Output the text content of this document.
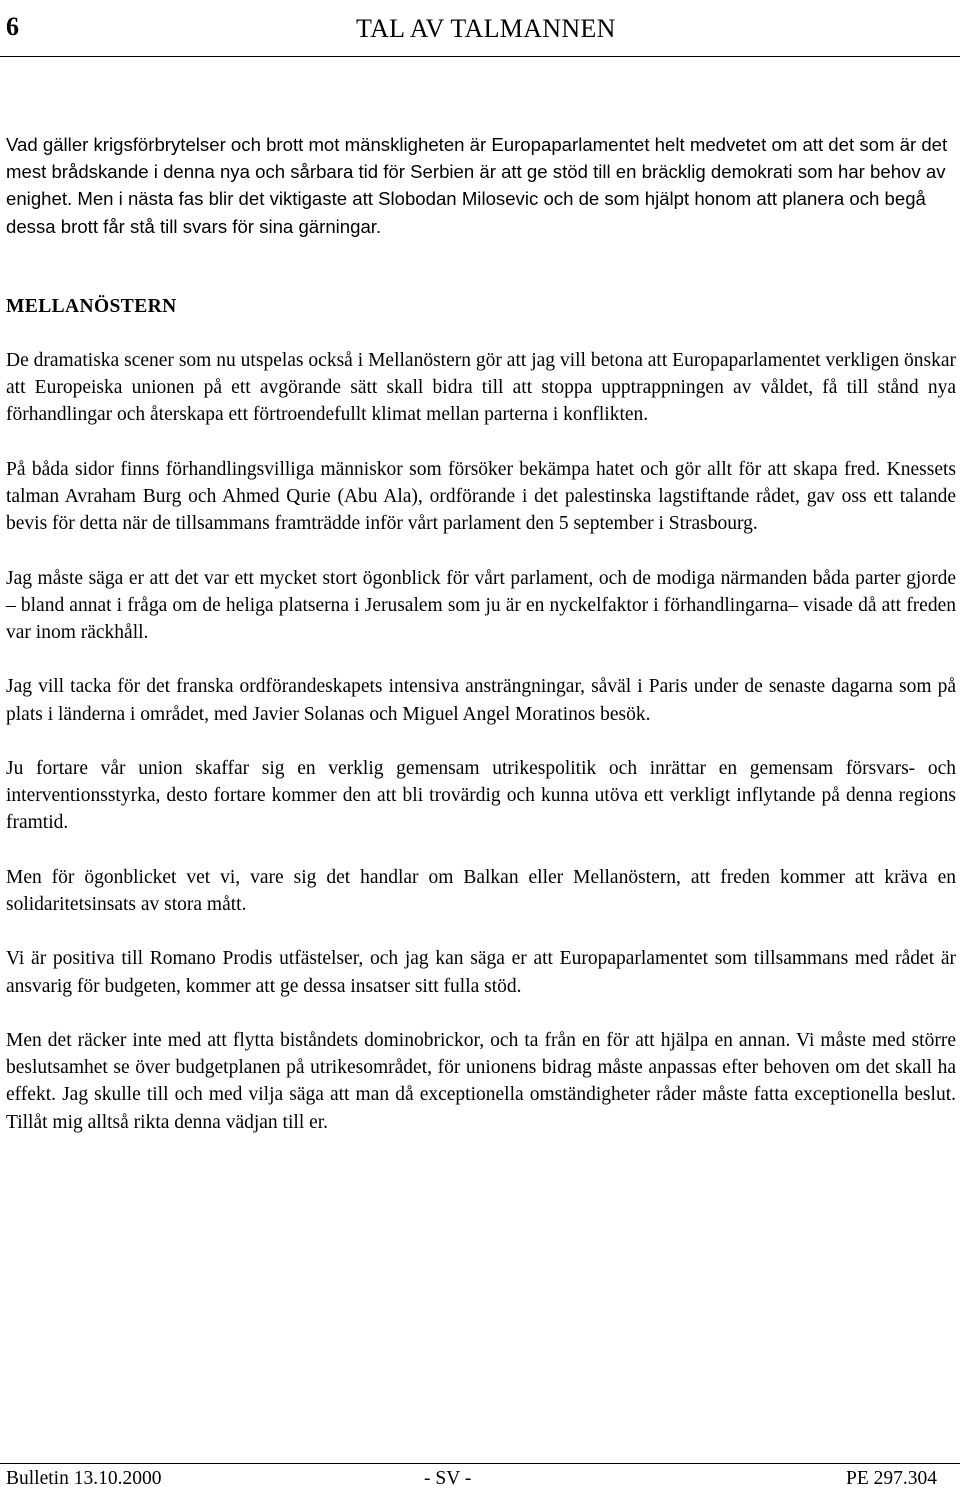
6	TAL AV TALMANNEN

Vad gäller krigsförbrytelser och brott mot mänskligheten är Europaparlamentet helt medvetet om att det som är det mest brådskande i denna nya och sårbara tid för Serbien är att ge stöd till en bräcklig demokrati som har behov av enighet. Men i nästa fas blir det viktigaste att Slobodan Milosevic och de som hjälpt honom att planera och begå dessa brott får stå till svars för sina gärningar.

MELLANÖSTERN

De dramatiska scener som nu utspelas också i Mellanöstern gör att jag vill betona att Europaparlamentet verkligen önskar att Europeiska unionen på ett avgörande sätt skall bidra till att stoppa upptrappningen av våldet, få till stånd nya förhandlingar och återskapa ett förtroendefullt klimat mellan parterna i konflikten.

På båda sidor finns förhandlingsvilliga människor som försöker bekämpa hatet och gör allt för att skapa fred. Knessets talman Avraham Burg och Ahmed Qurie (Abu Ala), ordförande i det palestinska lagstiftande rådet, gav oss ett talande bevis för detta när de tillsammans framträdde inför vårt parlament den 5 september i Strasbourg.

Jag måste säga er att det var ett mycket stort ögonblick för vårt parlament, och de modiga närmanden båda parter gjorde – bland annat i fråga om de heliga platserna i Jerusalem som ju är en nyckelfaktor i förhandlingarna– visade då att freden var inom räckhåll.

Jag vill tacka för det franska ordförandeskapets intensiva ansträngningar, såväl i Paris under de senaste dagarna som på plats i länderna i området, med Javier Solanas och Miguel Angel Moratinos besök.

Ju fortare vår union skaffar sig en verklig gemensam utrikespolitik och inrättar en gemensam försvars- och interventionsstyrka, desto fortare kommer den att bli trovärdig och kunna utöva ett verkligt inflytande på denna regions framtid.

Men för ögonblicket vet vi, vare sig det handlar om Balkan eller Mellanöstern, att freden kommer att kräva en solidaritetsinsats av stora mått.

Vi är positiva till Romano Prodis utfästelser, och jag kan säga er att Europaparlamentet som tillsammans med rådet är ansvarig för budgeten, kommer att ge dessa insatser sitt fulla stöd.

Men det räcker inte med att flytta biståndets dominobrickor, och ta från en för att hjälpa en annan. Vi måste med större beslutsamhet se över budgetplanen på utrikesområdet, för unionens bidrag måste anpassas efter behoven om det skall ha effekt. Jag skulle till och med vilja säga att man då exceptionella omständigheter råder måste fatta exceptionella beslut. Tillåt mig alltså rikta denna vädjan till er.

Bulletin 13.10.2000	- SV -	PE 297.304
